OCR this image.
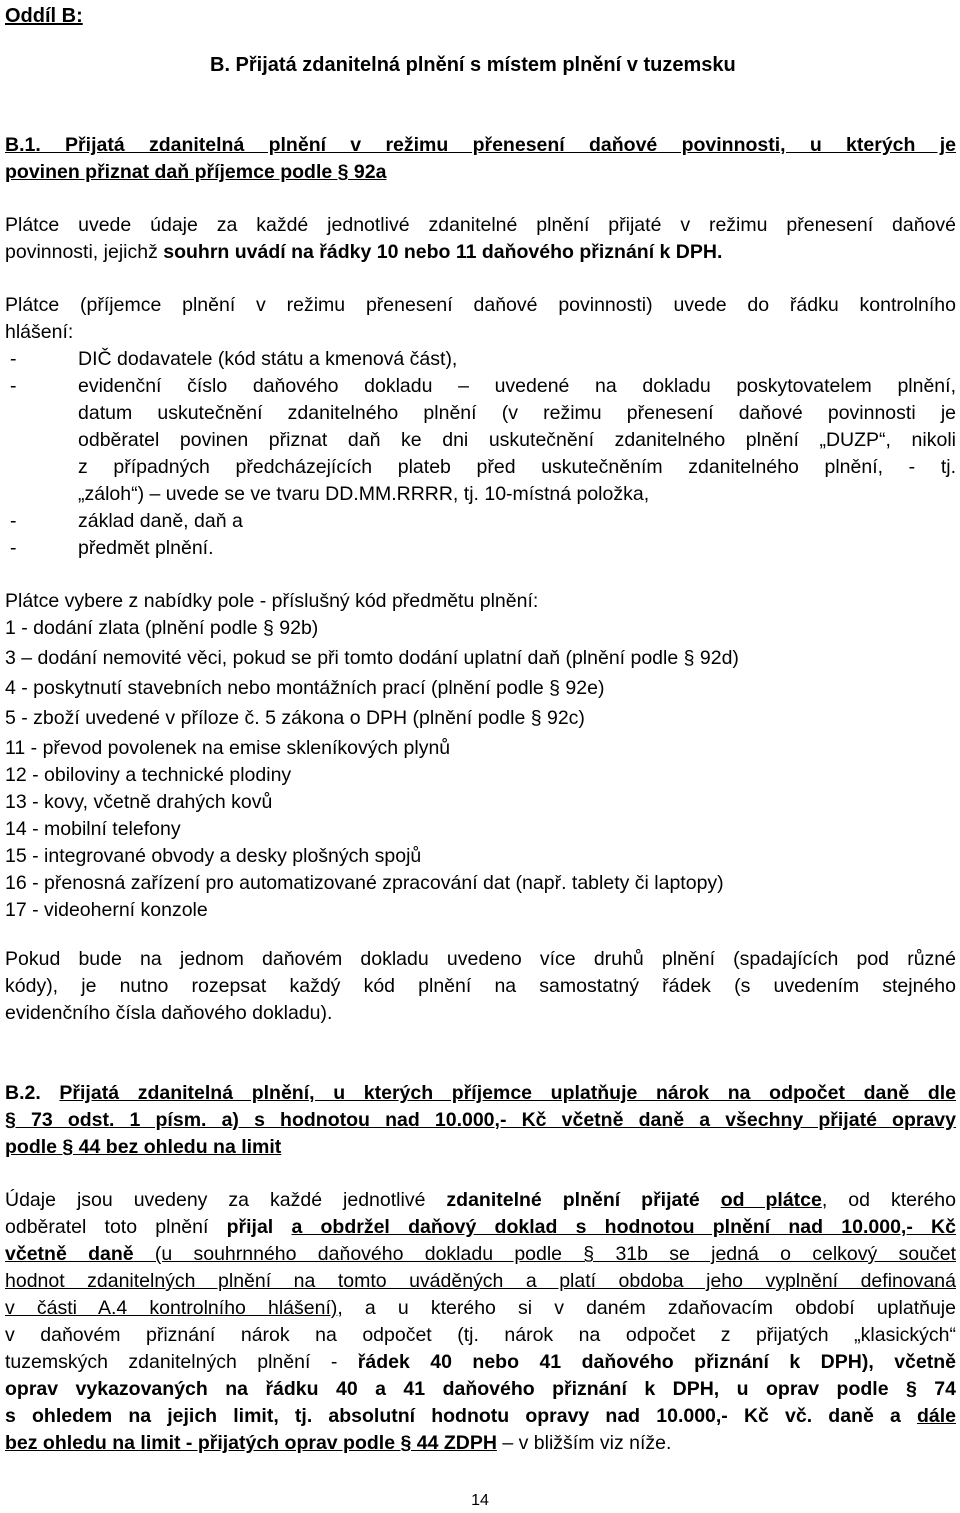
Oddíl B:
B. Přijatá zdanitelná plnění s místem plnění v tuzemsku
B.1. Přijatá zdanitelná plnění v režimu přenesení daňové povinnosti, u kterých je
povinen přiznat daň příjemce podle § 92a
Plátce uvede údaje za každé jednotlivé zdanitelné plnění přijaté v režimu přenesení daňové
povinnosti, jejichž souhrn uvádí na řádky 10 nebo 11 daňového přiznání k DPH.
Plátce (příjemce plnění v režimu přenesení daňové povinnosti) uvede do řádku kontrolního
hlášení:
-	DIČ dodavatele (kód státu a kmenová část),
-	evidenční číslo daňového dokladu – uvedené na dokladu poskytovatelem plnění,
datum uskutečnění zdanitelného plnění (v režimu přenesení daňové povinnosti je
odběratel povinen přiznat daň ke dni uskutečnění zdanitelného plnění „DUZP“, nikoli
z případných předcházejících plateb před uskutečněním zdanitelného plnění, - tj.
„záloh“) – uvede se ve tvaru DD.MM.RRRR, tj. 10-místná položka,
-	základ daně, daň a
-	předmět plnění.
Plátce vybere z nabídky pole - příslušný kód předmětu plnění:
1 - dodání zlata (plnění podle § 92b)
3 – dodání nemovité věci, pokud se při tomto dodání uplatní daň (plnění podle § 92d)
4 - poskytnutí stavebních nebo montážních prací (plnění podle § 92e)
5 - zboží uvedené v příloze č. 5 zákona o DPH (plnění podle § 92c)
11 - převod povolenek na emise skleníkových plynů
12 - obiloviny a technické plodiny
13 - kovy, včetně drahých kovů
14 - mobilní telefony
15 - integrované obvody a desky plošných spojů
16 - přenosná zařízení pro automatizované zpracování dat (např. tablety či laptopy)
17 - videoherní konzole
Pokud bude na jednom daňovém dokladu uvedeno více druhů plnění (spadajících pod různé
kódy), je nutno rozepsat každý kód plnění na samostatný řádek (s uvedením stejného
evidenčního čísla daňového dokladu).
B.2. Přijatá zdanitelná plnění, u kterých příjemce uplatňuje nárok na odpočet daně dle
§ 73 odst. 1 písm. a) s hodnotou nad 10.000,- Kč včetně daně a všechny přijaté opravy
podle § 44 bez ohledu na limit
Údaje jsou uvedeny za každé jednotlivé zdanitelné plnění přijaté od plátce, od kterého
odběratel toto plnění přijal a obdržel daňový doklad s hodnotou plnění nad 10.000,- Kč
včetně daně (u souhrnného daňového dokladu podle § 31b se jedná o celkový součet
hodnot zdanitelných plnění na tomto uváděných a platí obdoba jeho vyplnění definovaná
v části A.4 kontrolního hlášení), a u kterého si v daném zdaňovacím období uplatňuje
v daňovém přiznání nárok na odpočet (tj. nárok na odpočet z přijatých „klasických“
tuzemských zdanitelných plnění - řádek 40 nebo 41 daňového přiznání k DPH), včetně
oprav vykazovaných na řádku 40 a 41 daňového přiznání k DPH, u oprav podle § 74
s ohledem na jejich limit, tj. absolutní hodnotu opravy nad 10.000,- Kč vč. daně a dále
bez ohledu na limit - přijatých oprav podle § 44 ZDPH – v bližším viz níže.
14
